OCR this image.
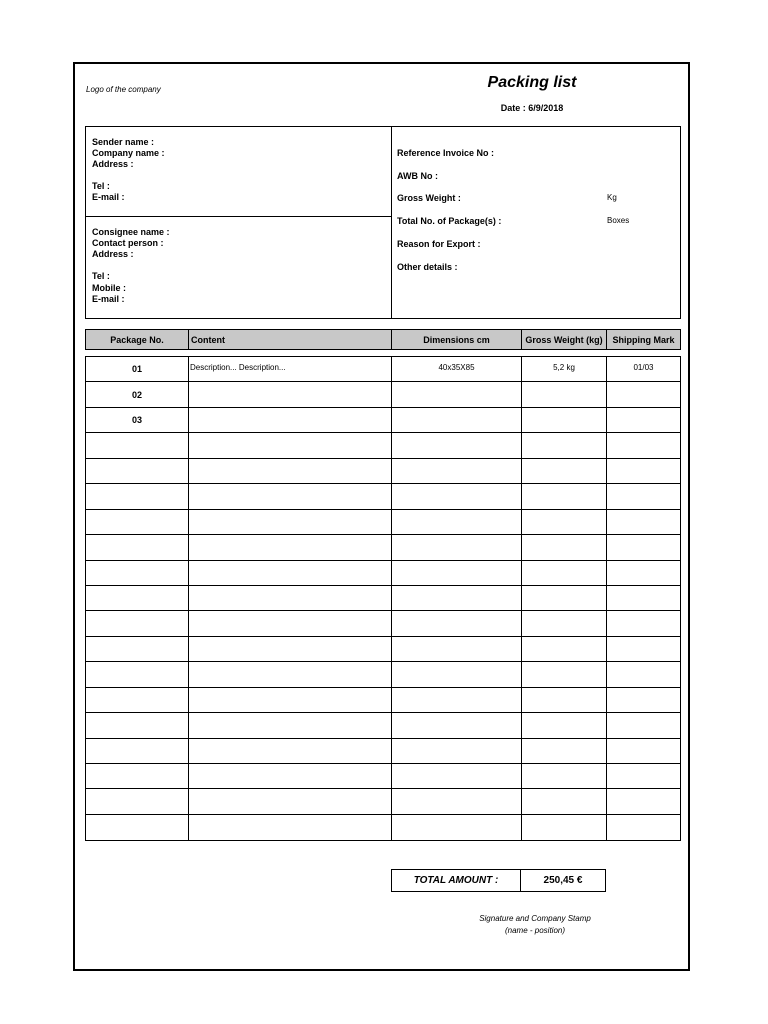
Logo of the company	Packing list
Date : 6/9/2018
Sender name :
Company name :
Address :
Tel :
E-mail :
Consignee name :
Contact person :
Address :
Tel :
Mobile :
E-mail :
Reference Invoice No :
AWB No :
Gross Weight :	Kg
Total No. of Package(s) :	Boxes
Reason for Export :
Other details :
Package No.	Content	Dimensions cm	Gross Weight (kg)	Shipping Mark
01	Description... Description...	40x35X85	5,2 kg	01/03
02
03
TOTAL AMOUNT :	250,45 €
Signature and Company Stamp
(name - position)
